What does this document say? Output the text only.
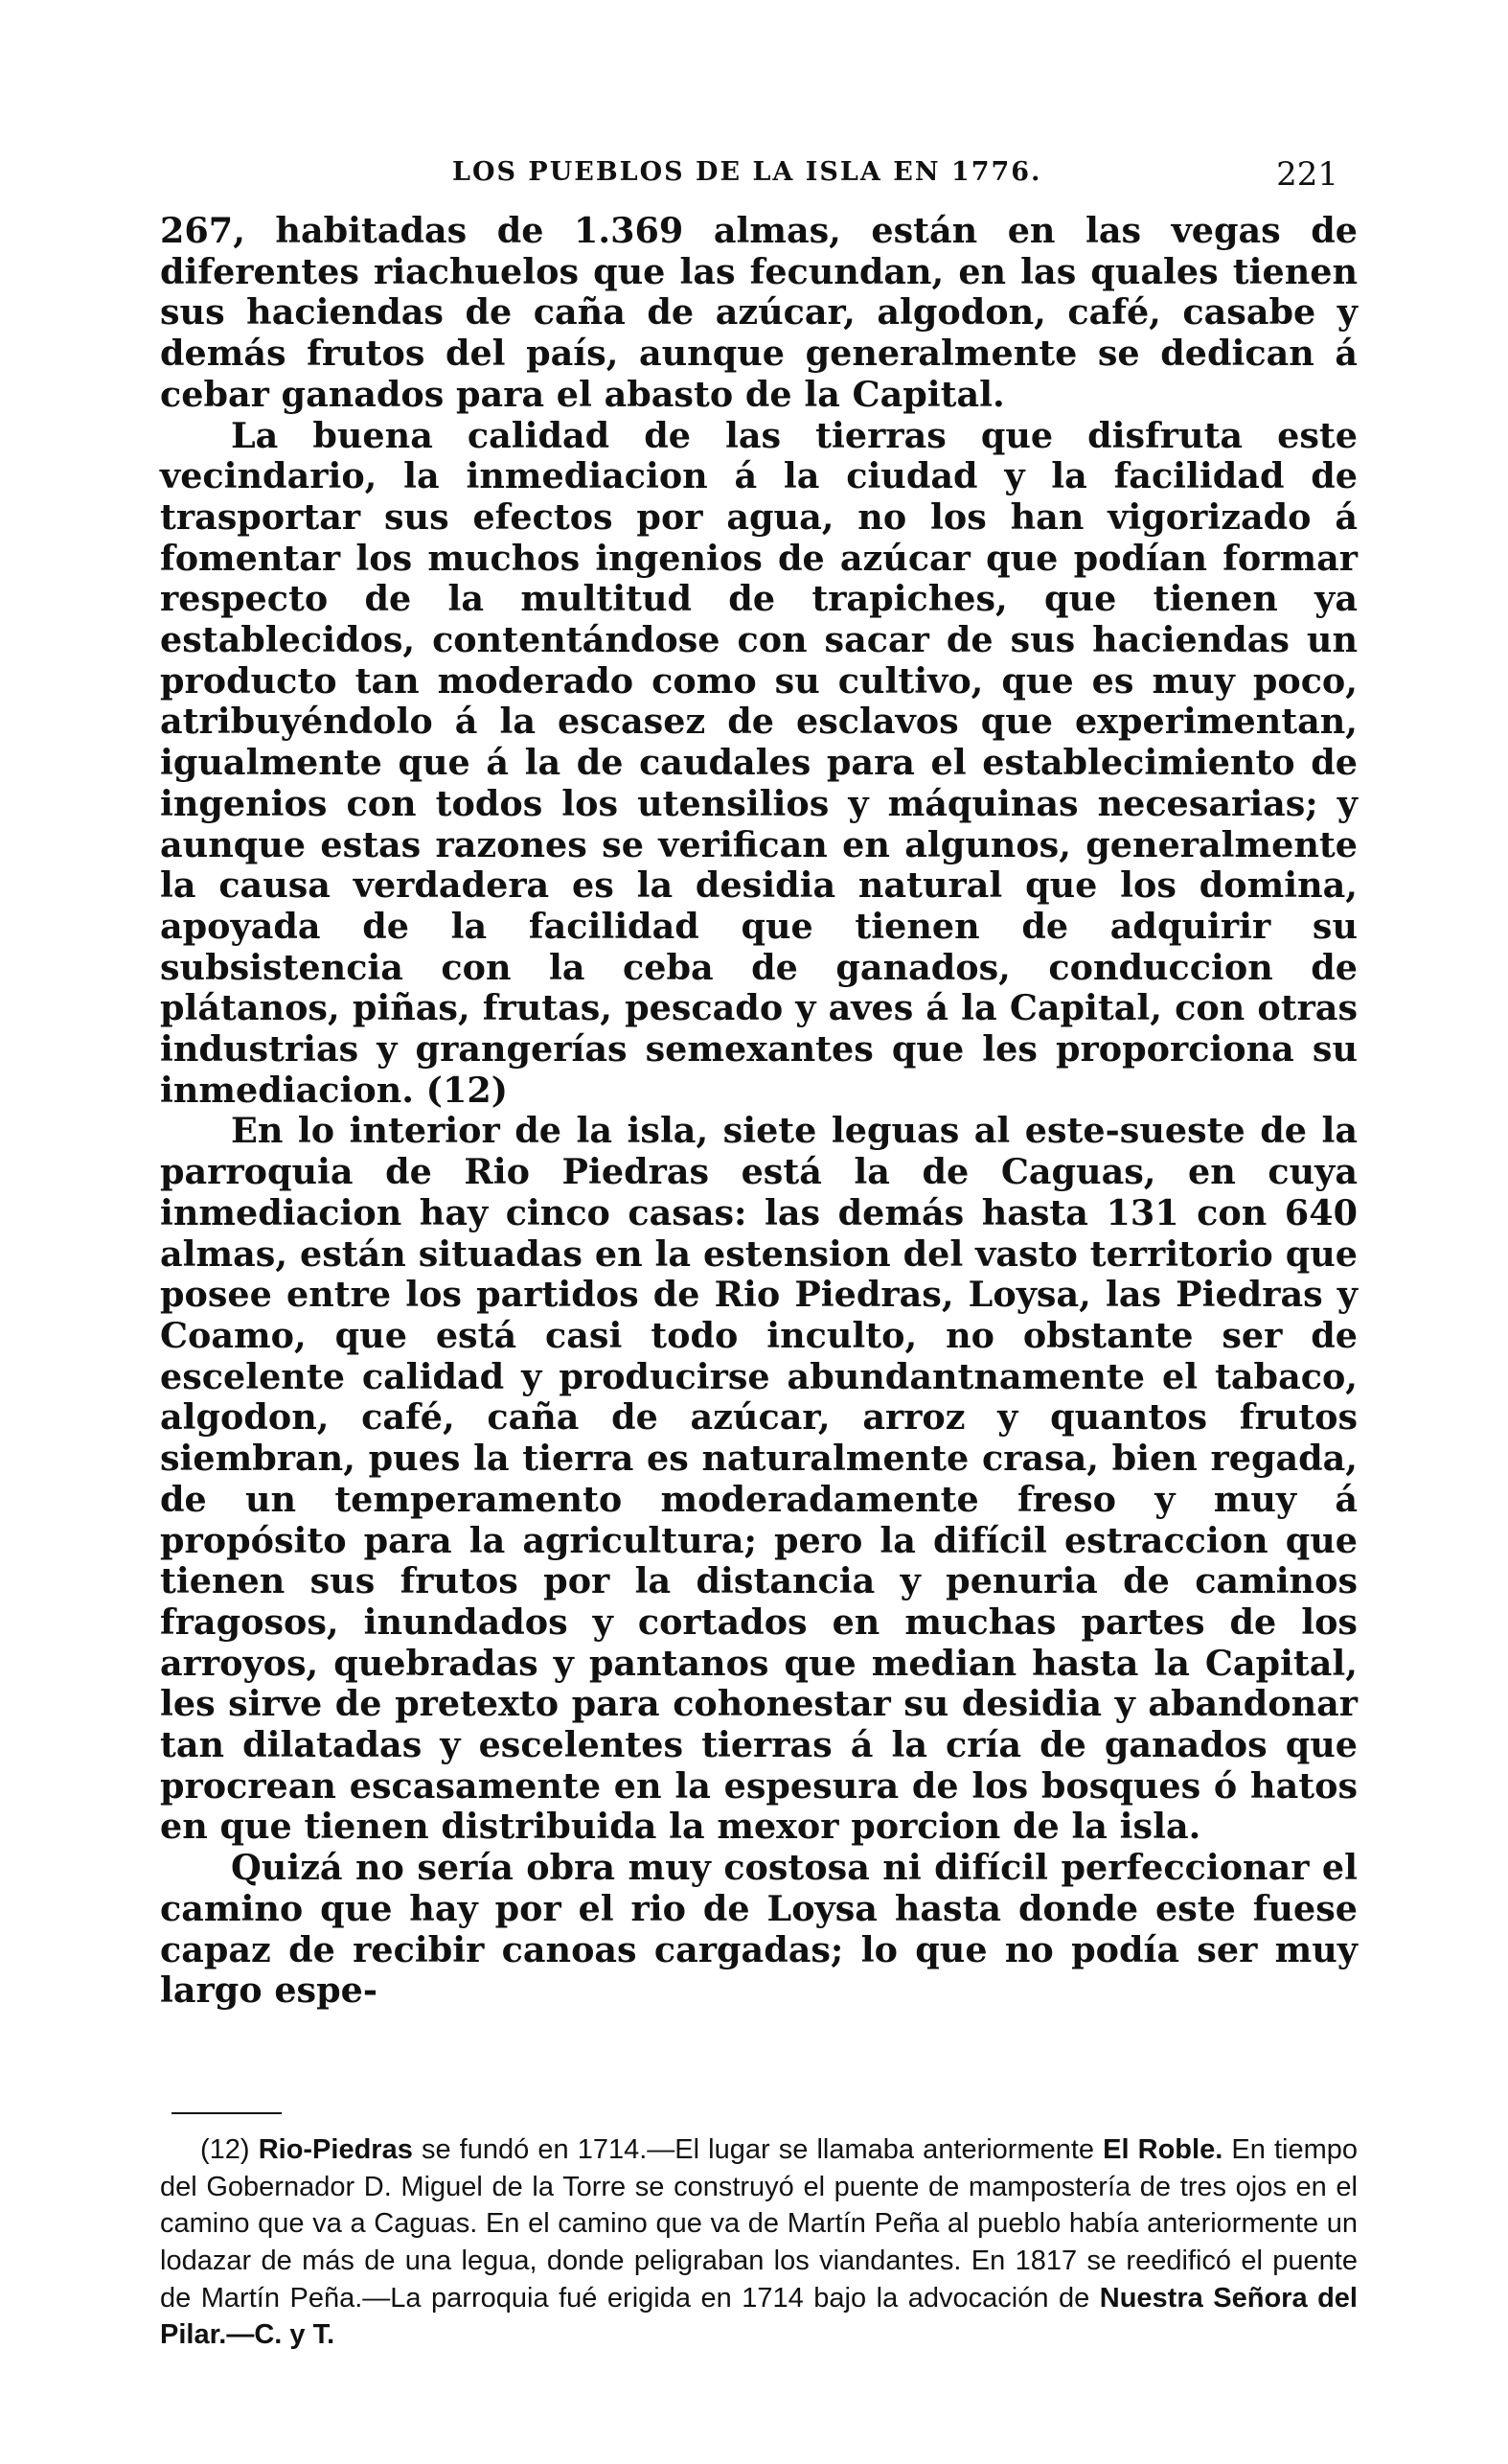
LOS PUEBLOS DE LA ISLA EN 1776.	221

267, habitadas de 1.369 almas, están en las vegas de diferentes riachuelos que las fecundan, en las quales tienen sus haciendas de caña de azúcar, algodon, café, casabe y demás frutos del país, aunque generalmente se dedican á cebar ganados para el abasto de la Capital.

La buena calidad de las tierras que disfruta este vecindario, la inmediacion á la ciudad y la facilidad de trasportar sus efectos por agua, no los han vigorizado á fomentar los muchos ingenios de azúcar que podían formar respecto de la multitud de trapiches, que tienen ya establecidos, contentándose con sacar de sus haciendas un producto tan moderado como su cultivo, que es muy poco, atribuyéndolo á la escasez de esclavos que experimentan, igualmente que á la de caudales para el establecimiento de ingenios con todos los utensilios y máquinas necesarias; y aunque estas razones se verifican en algunos, generalmente la causa verdadera es la desidia natural que los domina, apoyada de la facilidad que tienen de adquirir su subsistencia con la ceba de ganados, conduccion de plátanos, piñas, frutas, pescado y aves á la Capital, con otras industrias y grangerías semexantes que les proporciona su inmediacion. (12)

En lo interior de la isla, siete leguas al este-sueste de la parroquia de Rio Piedras está la de Caguas, en cuya inmediacion hay cinco casas: las demás hasta 131 con 640 almas, están situadas en la estension del vasto territorio que posee entre los partidos de Rio Piedras, Loysa, las Piedras y Coamo, que está casi todo inculto, no obstante ser de escelente calidad y producirse abundantnamente el tabaco, algodon, café, caña de azúcar, arroz y quantos frutos siembran, pues la tierra es naturalmente crasa, bien regada, de un temperamento moderadamente freso y muy á propósito para la agricultura; pero la difícil estraccion que tienen sus frutos por la distancia y penuria de caminos fragosos, inundados y cortados en muchas partes de los arroyos, quebradas y pantanos que median hasta la Capital, les sirve de pretexto para cohonestar su desidia y abandonar tan dilatadas y escelentes tierras á la cría de ganados que procrean escasamente en la espesura de los bosques ó hatos en que tienen distribuida la mexor porcion de la isla.

Quizá no sería obra muy costosa ni difícil perfeccionar el camino que hay por el rio de Loysa hasta donde este fuese capaz de recibir canoas cargadas; lo que no podía ser muy largo espe-

(12) Rio-Piedras se fundó en 1714.—El lugar se llamaba anteriormente El Roble. En tiempo del Gobernador D. Miguel de la Torre se construyó el puente de mampostería de tres ojos en el camino que va a Caguas. En el camino que va de Martín Peña al pueblo había anteriormente un lodazar de más de una legua, donde peligraban los viandantes. En 1817 se reedificó el puente de Martín Peña.—La parroquia fué erigida en 1714 bajo la advocación de Nuestra Señora del Pilar.—C. y T.
